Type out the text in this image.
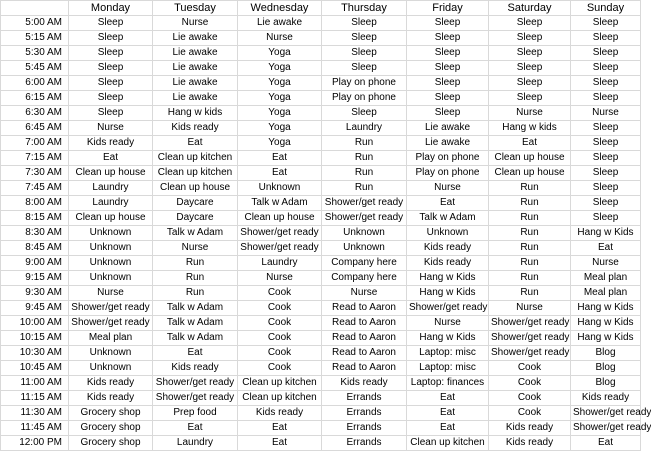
	Monday	Tuesday	Wednesday	Thursday	Friday	Saturday	Sunday
5:00 AM	Sleep	Nurse	Lie awake	Sleep	Sleep	Sleep	Sleep
5:15 AM	Sleep	Lie awake	Nurse	Sleep	Sleep	Sleep	Sleep
5:30 AM	Sleep	Lie awake	Yoga	Sleep	Sleep	Sleep	Sleep
5:45 AM	Sleep	Lie awake	Yoga	Sleep	Sleep	Sleep	Sleep
6:00 AM	Sleep	Lie awake	Yoga	Play on phone	Sleep	Sleep	Sleep
6:15 AM	Sleep	Lie awake	Yoga	Play on phone	Sleep	Sleep	Sleep
6:30 AM	Sleep	Hang w kids	Yoga	Sleep	Sleep	Nurse	Nurse
6:45 AM	Nurse	Kids ready	Yoga	Laundry	Lie awake	Hang w kids	Sleep
7:00 AM	Kids ready	Eat	Yoga	Run	Lie awake	Eat	Sleep
7:15 AM	Eat	Clean up kitchen	Eat	Run	Play on phone	Clean up house	Sleep
7:30 AM	Clean up house	Clean up kitchen	Eat	Run	Play on phone	Clean up house	Sleep
7:45 AM	Laundry	Clean up house	Unknown	Run	Nurse	Run	Sleep
8:00 AM	Laundry	Daycare	Talk w Adam	Shower/get ready	Eat	Run	Sleep
8:15 AM	Clean up house	Daycare	Clean up house	Shower/get ready	Talk w Adam	Run	Sleep
8:30 AM	Unknown	Talk w Adam	Shower/get ready	Unknown	Unknown	Run	Hang w Kids
8:45 AM	Unknown	Nurse	Shower/get ready	Unknown	Kids ready	Run	Eat
9:00 AM	Unknown	Run	Laundry	Company here	Kids ready	Run	Nurse
9:15 AM	Unknown	Run	Nurse	Company here	Hang w Kids	Run	Meal plan
9:30 AM	Nurse	Run	Cook	Nurse	Hang w Kids	Run	Meal plan
9:45 AM	Shower/get ready	Talk w Adam	Cook	Read to Aaron	Shower/get ready	Nurse	Hang w Kids
10:00 AM	Shower/get ready	Talk w Adam	Cook	Read to Aaron	Nurse	Shower/get ready	Hang w Kids
10:15 AM	Meal plan	Talk w Adam	Cook	Read to Aaron	Hang w Kids	Shower/get ready	Hang w Kids
10:30 AM	Unknown	Eat	Cook	Read to Aaron	Laptop: misc	Shower/get ready	Blog
10:45 AM	Unknown	Kids ready	Cook	Read to Aaron	Laptop: misc	Cook	Blog
11:00 AM	Kids ready	Shower/get ready	Clean up kitchen	Kids ready	Laptop: finances	Cook	Blog
11:15 AM	Kids ready	Shower/get ready	Clean up kitchen	Errands	Eat	Cook	Kids ready
11:30 AM	Grocery shop	Prep food	Kids ready	Errands	Eat	Cook	Shower/get ready
11:45 AM	Grocery shop	Eat	Eat	Errands	Eat	Kids ready	Shower/get ready
12:00 PM	Grocery shop	Laundry	Eat	Errands	Clean up kitchen	Kids ready	Eat
